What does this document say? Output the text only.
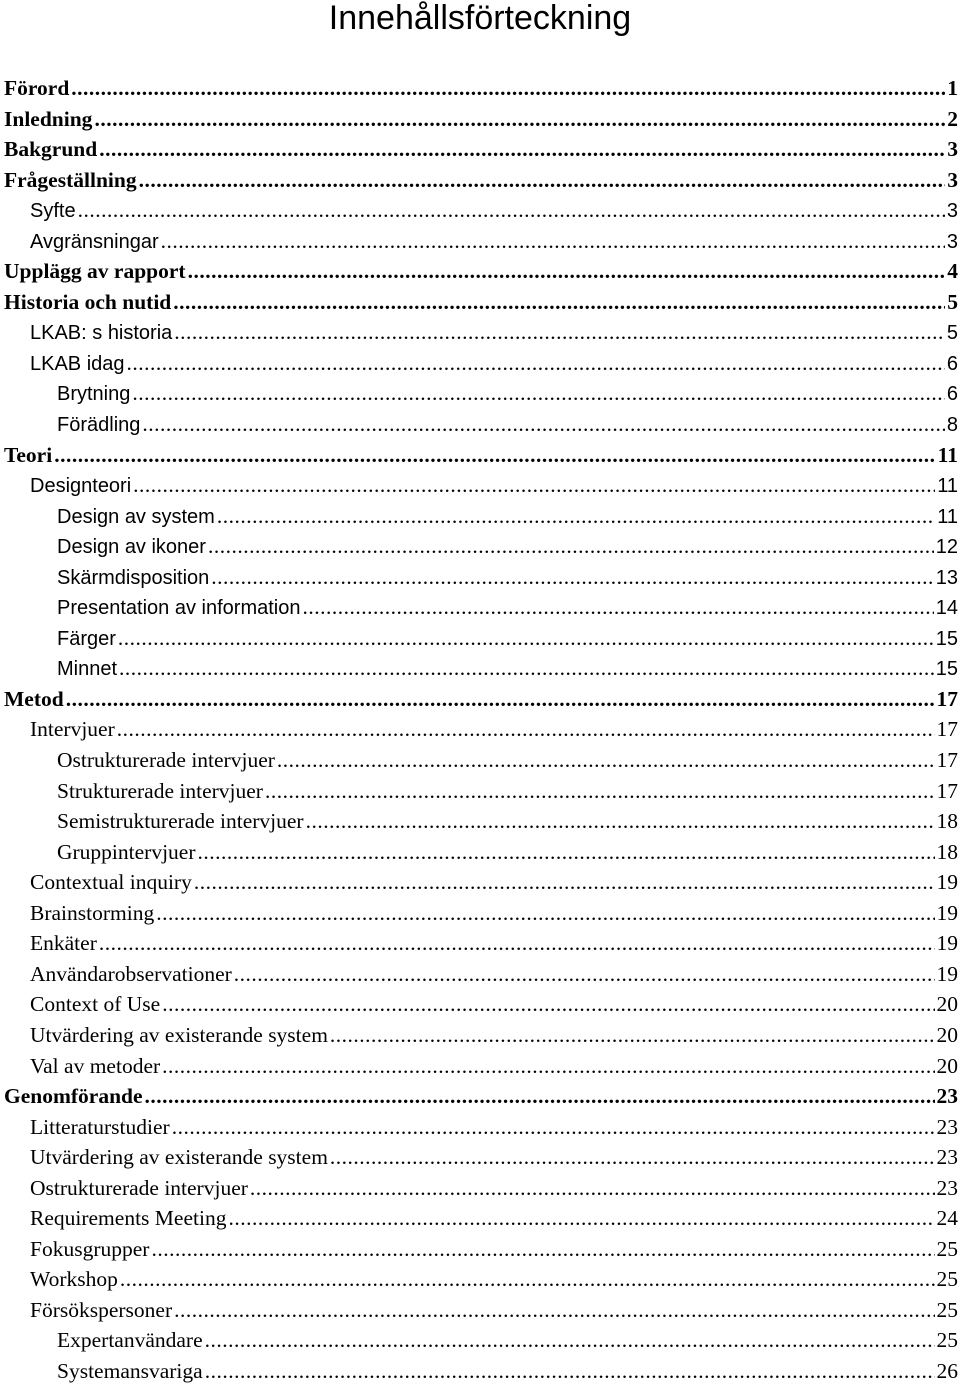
Innehållsförteckning
Förord .....	1
Inledning .....	2
Bakgrund .....	3
Frågeställning .....	3
Syfte .....	3
Avgränsningar .....	3
Upplägg av rapport .....	4
Historia och nutid .....	5
LKAB: s historia .....	5
LKAB idag .....	6
Brytning .....	6
Förädling .....	8
Teori .....	11
Designteori .....	11
Design av system .....	11
Design av ikoner .....	12
Skärmdisposition .....	13
Presentation av information .....	14
Färger .....	15
Minnet .....	15
Metod .....	17
Intervjuer .....	17
Ostrukturerade intervjuer .....	17
Strukturerade intervjuer .....	17
Semistrukturerade intervjuer .....	18
Gruppintervjuer .....	18
Contextual inquiry .....	19
Brainstorming .....	19
Enkäter .....	19
Användarobservationer .....	19
Context of Use .....	20
Utvärdering av existerande system .....	20
Val av metoder .....	20
Genomförande .....	23
Litteraturstudier .....	23
Utvärdering av existerande system .....	23
Ostrukturerade intervjuer .....	23
Requirements Meeting .....	24
Fokusgrupper .....	25
Workshop .....	25
Försökspersoner .....	25
Expertanvändare .....	25
Systemansvariga .....	26
